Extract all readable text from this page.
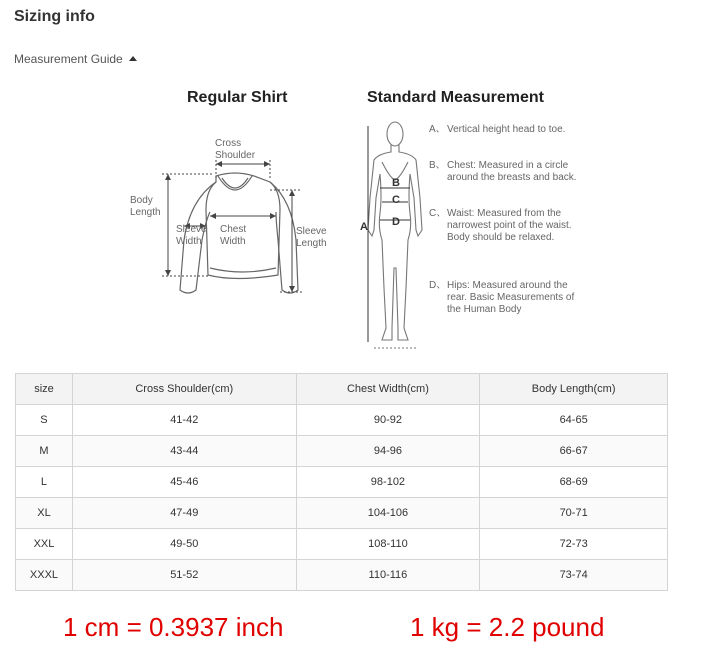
Sizing info
Measurement Guide
Regular Shirt	Standard Measurement
Cross
Shoulder
Body
Length
Sleeve
Width
Chest
Width
Sleeve
Length
A
B
C
D
A、 Vertical height head to toe.
B、 Chest: Measured in a circle around the breasts and back.
C、 Waist: Measured from the narrowest point of the waist. Body should be relaxed.
D、 Hips: Measured around the rear. Basic Measurements of the Human Body
size	Cross Shoulder(cm)	Chest Width(cm)	Body Length(cm)
S	41-42	90-92	64-65
M	43-44	94-96	66-67
L	45-46	98-102	68-69
XL	47-49	104-106	70-71
XXL	49-50	108-110	72-73
XXXL	51-52	110-116	73-74
1 cm = 0.3937 inch	1 kg = 2.2 pound
